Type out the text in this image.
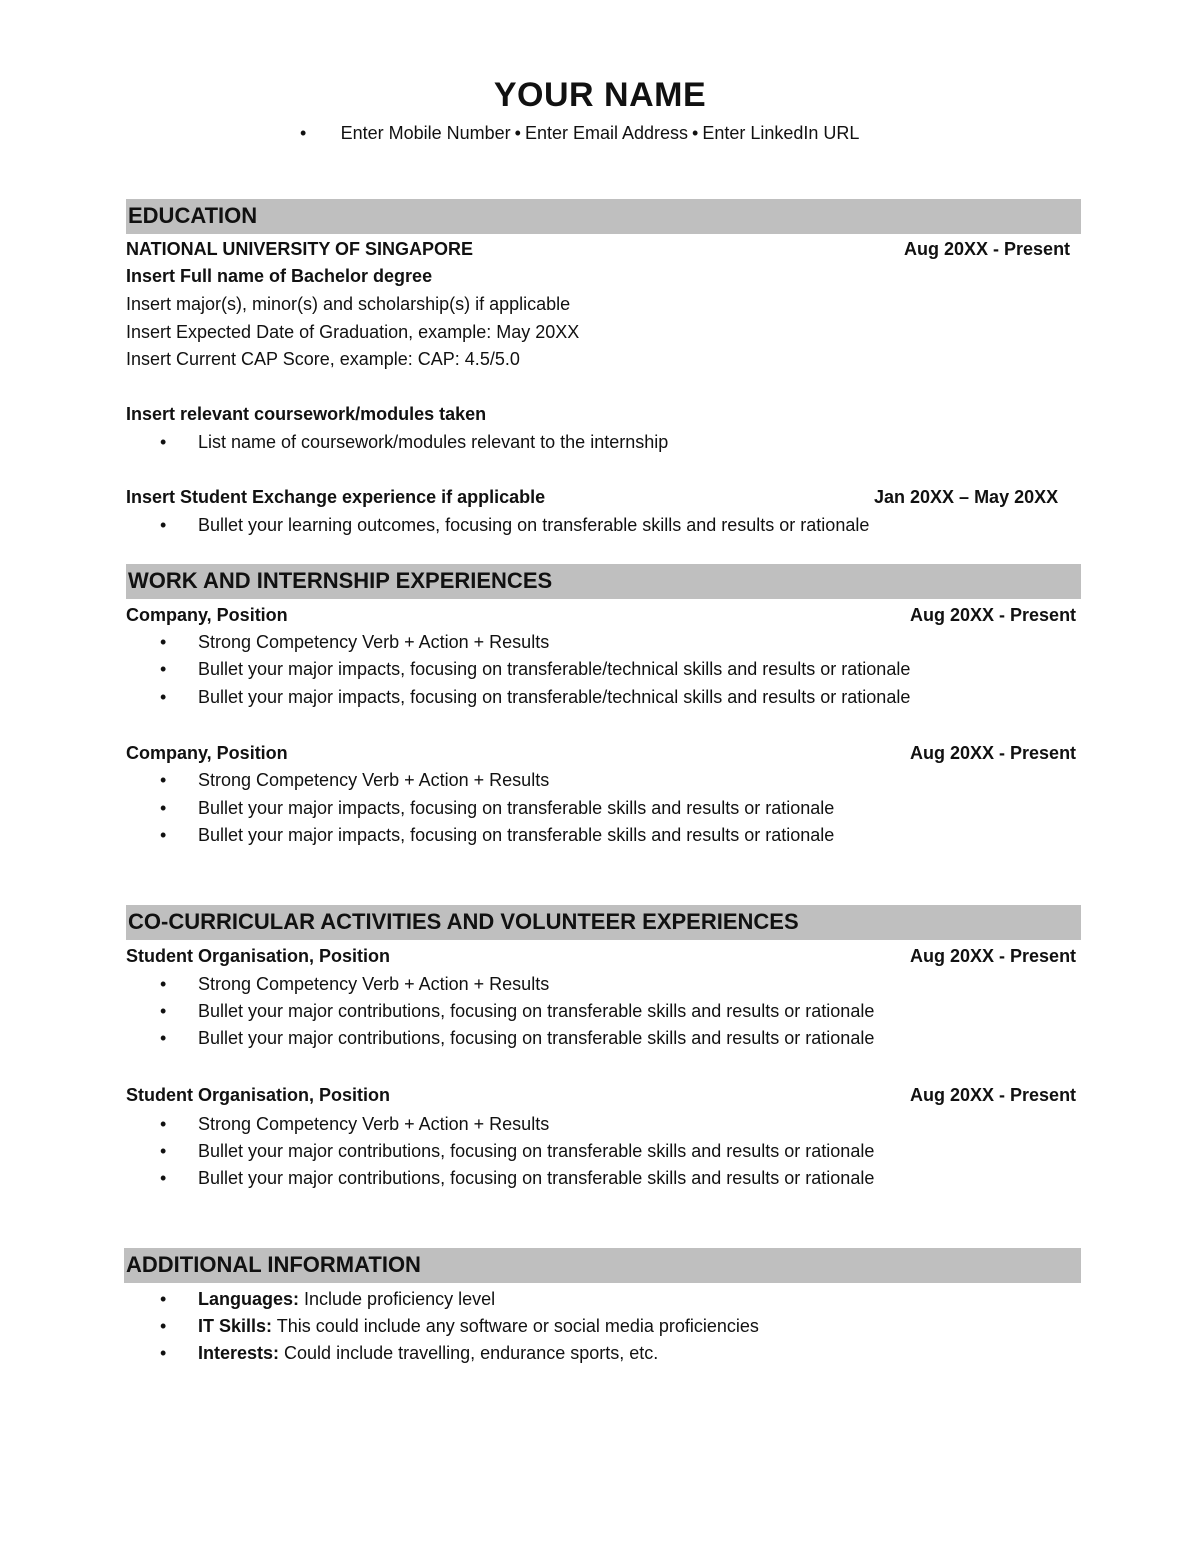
YOUR NAME
• Enter Mobile Number • Enter Email Address • Enter LinkedIn URL
EDUCATION
NATIONAL UNIVERSITY OF SINGAPORE	Aug 20XX - Present
Insert Full name of Bachelor degree
Insert major(s), minor(s) and scholarship(s) if applicable
Insert Expected Date of Graduation, example: May 20XX
Insert Current CAP Score, example: CAP: 4.5/5.0
Insert relevant coursework/modules taken
• List name of coursework/modules relevant to the internship
Insert Student Exchange experience if applicable	Jan 20XX – May 20XX
• Bullet your learning outcomes, focusing on transferable skills and results or rationale
WORK AND INTERNSHIP EXPERIENCES
Company, Position	Aug 20XX - Present
• Strong Competency Verb + Action + Results
• Bullet your major impacts, focusing on transferable/technical skills and results or rationale
• Bullet your major impacts, focusing on transferable/technical skills and results or rationale
Company, Position	Aug 20XX - Present
• Strong Competency Verb + Action + Results
• Bullet your major impacts, focusing on transferable skills and results or rationale
• Bullet your major impacts, focusing on transferable skills and results or rationale
CO-CURRICULAR ACTIVITIES AND VOLUNTEER EXPERIENCES
Student Organisation, Position	Aug 20XX - Present
• Strong Competency Verb + Action + Results
• Bullet your major contributions, focusing on transferable skills and results or rationale
• Bullet your major contributions, focusing on transferable skills and results or rationale
Student Organisation, Position	Aug 20XX - Present
• Strong Competency Verb + Action + Results
• Bullet your major contributions, focusing on transferable skills and results or rationale
• Bullet your major contributions, focusing on transferable skills and results or rationale
ADDITIONAL INFORMATION
• Languages: Include proficiency level
• IT Skills: This could include any software or social media proficiencies
• Interests: Could include travelling, endurance sports, etc.
